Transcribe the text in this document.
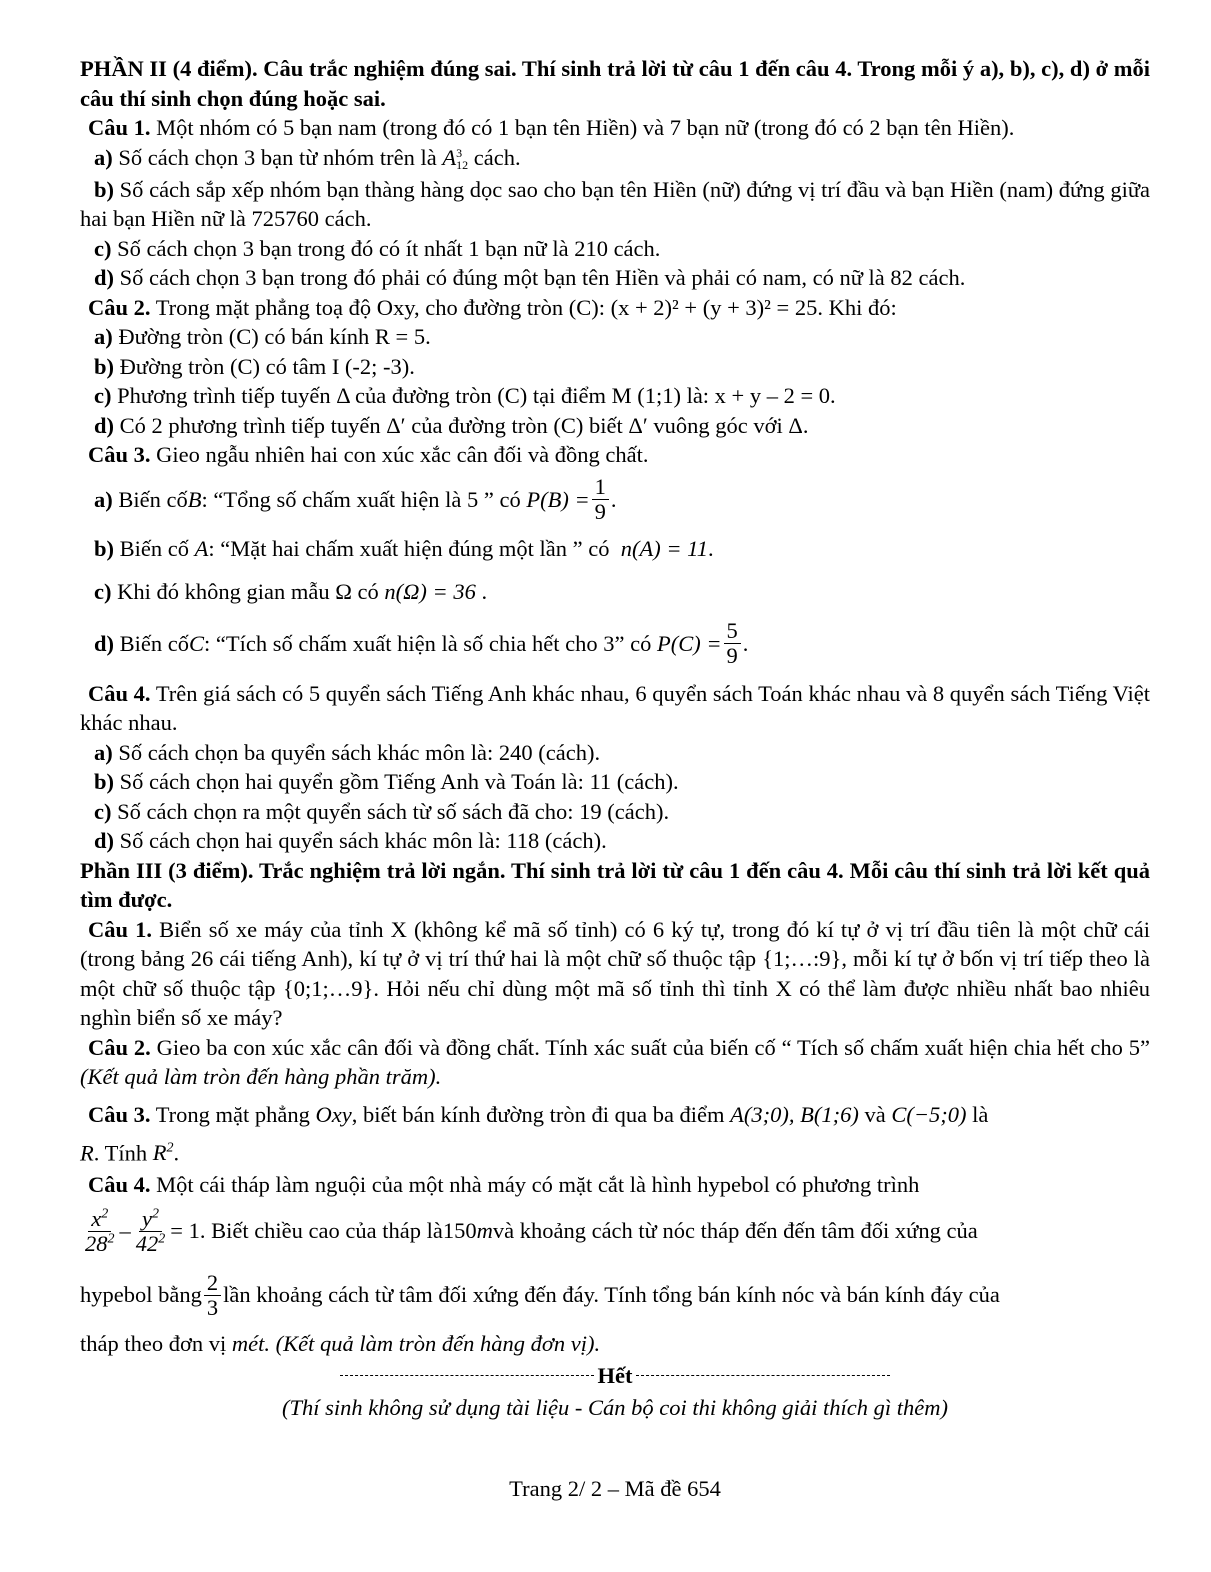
PHẦN II (4 điểm). Câu trắc nghiệm đúng sai. Thí sinh trả lời từ câu 1 đến câu 4. Trong mỗi ý a), b), c), d) ở mỗi câu thí sinh chọn đúng hoặc sai.
Câu 1. Một nhóm có 5 bạn nam (trong đó có 1 bạn tên Hiền) và 7 bạn nữ (trong đó có 2 bạn tên Hiền).
a) Số cách chọn 3 bạn từ nhóm trên là A 3
12 cách.
b) Số cách sắp xếp nhóm bạn thàng hàng dọc sao cho bạn tên Hiền (nữ) đứng vị trí đầu và bạn Hiền (nam) đứng giữa hai bạn Hiền nữ là 725760 cách.
c) Số cách chọn 3 bạn trong đó có ít nhất 1 bạn nữ là 210 cách.
d) Số cách chọn 3 bạn trong đó phải có đúng một bạn tên Hiền và phải có nam, có nữ là 82 cách.
Câu 2. Trong mặt phẳng toạ độ Oxy, cho đường tròn (C): (x + 2)² + (y + 3)² = 25. Khi đó:
a) Đường tròn (C) có bán kính R = 5.
b) Đường tròn (C) có tâm I (-2; -3).
c) Phương trình tiếp tuyến Δ của đường tròn (C) tại điểm M (1;1) là: x + y – 2 = 0.
d) Có 2 phương trình tiếp tuyến Δ′ của đường tròn (C) biết Δ′ vuông góc với Δ.
Câu 3. Gieo ngẫu nhiên hai con xúc xắc cân đối và đồng chất.
a)
Biến cố B : “Tổng số chấm xuất hiện là 5 ” có
$P(B) = \frac{1}{9}$ .
b) Biến cố A: “Mặt hai chấm xuất hiện đúng một lần ” có  n(A) = 11.
c) Khi đó không gian mẫu Ω có n(Ω) = 36 .
d)
Biến cố C : “Tích số chấm xuất hiện là số chia hết cho 3” có
$P(C) = \frac{5}{9}$ .
Câu 4. Trên giá sách có 5 quyển sách Tiếng Anh khác nhau, 6 quyển sách Toán khác nhau và 8 quyển sách Tiếng Việt khác nhau.
a) Số cách chọn ba quyển sách khác môn là: 240 (cách).
b) Số cách chọn hai quyển gồm Tiếng Anh và Toán là: 11 (cách).
c) Số cách chọn ra một quyển sách từ số sách đã cho: 19 (cách).
d) Số cách chọn hai quyển sách khác môn là: 118 (cách).
Phần III (3 điểm). Trắc nghiệm trả lời ngắn. Thí sinh trả lời từ câu 1 đến câu 4. Mỗi câu thí sinh trả lời kết quả tìm được.
Câu 1. Biển số xe máy của tỉnh X (không kể mã số tỉnh) có 6 ký tự, trong đó kí tự ở vị trí đầu tiên là một chữ cái (trong bảng 26 cái tiếng Anh), kí tự ở vị trí thứ hai là một chữ số thuộc tập {1;…:9}, mỗi kí tự ở bốn vị trí tiếp theo là một chữ số thuộc tập {0;1;…9}. Hỏi nếu chỉ dùng một mã số tỉnh thì tỉnh X có thể làm được nhiều nhất bao nhiêu nghìn biển số xe máy?
Câu 2. Gieo ba con xúc xắc cân đối và đồng chất. Tính xác suất của biến cố “ Tích số chấm xuất hiện chia hết cho 5” (Kết quả làm tròn đến hàng phần trăm).
Câu 3. Trong mặt phẳng Oxy, biết bán kính đường tròn đi qua ba điểm A(3;0), B(1;6) và C(−5;0) là
R. Tính $R^2$.
Câu 4. Một cái tháp làm nguội của một nhà máy có mặt cắt là hình hypebol có phương trình
$\frac{x^2}{28^2} - \frac{y^2}{42^2} = 1$ . Biết chiều cao của tháp là 150m và khoảng cách từ nóc tháp đến đến tâm đối xứng của
hypebol bằng $\frac{2}{3}$ lần khoảng cách từ tâm đối xứng đến đáy. Tính tổng bán kính nóc và bán kính đáy của
tháp theo đơn vị mét. (Kết quả làm tròn đến hàng đơn vị).
Hết
(Thí sinh không sử dụng tài liệu - Cán bộ coi thi không giải thích gì thêm)
Trang 2/ 2 – Mã đề 654
